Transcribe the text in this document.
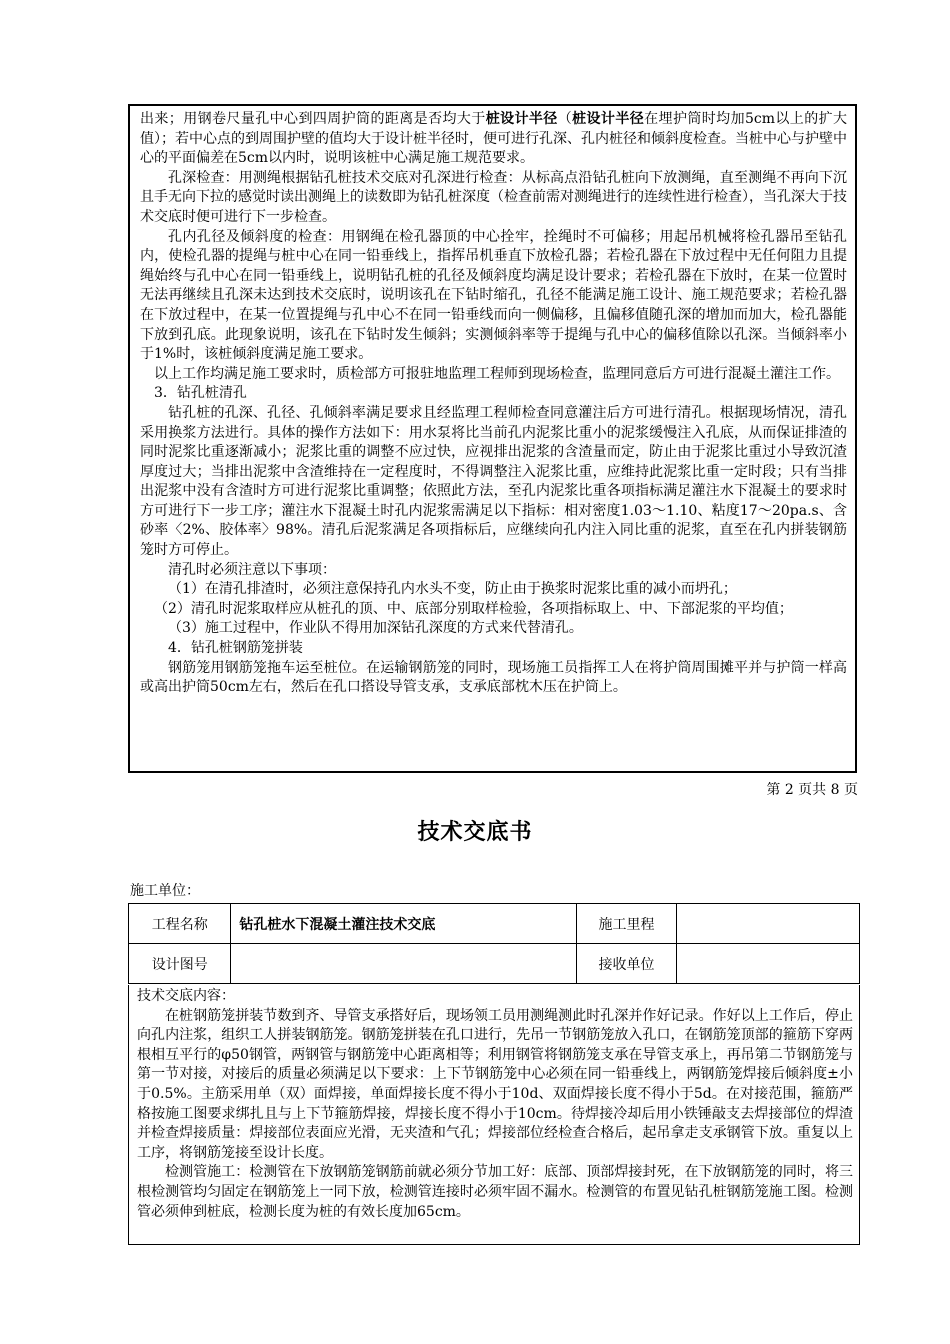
出来；用钢卷尺量孔中心到四周护筒的距离是否均大于桩设计半径（桩设计半径在埋护筒时均加5cm以上的扩大值）；若中心点的到周围护壁的值均大于设计桩半径时，便可进行孔深、孔内桩径和倾斜度检查。当桩中心与护壁中心的平面偏差在5cm以内时，说明该桩中心满足施工规范要求。

孔深检查：用测绳根据钻孔桩技术交底对孔深进行检查：从标高点沿钻孔桩向下放测绳，直至测绳不再向下沉且手无向下拉的感觉时读出测绳上的读数即为钻孔桩深度（检查前需对测绳进行的连续性进行检查），当孔深大于技术交底时便可进行下一步检查。

孔内孔径及倾斜度的检查：用钢绳在检孔器顶的中心拴牢，拴绳时不可偏移；用起吊机械将检孔器吊至钻孔内，使检孔器的提绳与桩中心在同一铅垂线上，指挥吊机垂直下放检孔器；若检孔器在下放过程中无任何阻力且提绳始终与孔中心在同一铅垂线上，说明钻孔桩的孔径及倾斜度均满足设计要求；若检孔器在下放时，在某一位置时无法再继续且孔深未达到技术交底时，说明该孔在下钻时缩孔，孔径不能满足施工设计、施工规范要求；若检孔器在下放过程中，在某一位置提绳与孔中心不在同一铅垂线而向一侧偏移，且偏移值随孔深的增加而加大，检孔器能下放到孔底。此现象说明，该孔在下钻时发生倾斜；实测倾斜率等于提绳与孔中心的偏移值除以孔深。当倾斜率小于1%时，该桩倾斜度满足施工要求。

以上工作均满足施工要求时，质检部方可报驻地监理工程师到现场检查，监理同意后方可进行混凝土灌注工作。

3．钻孔桩清孔

钻孔桩的孔深、孔径、孔倾斜率满足要求且经监理工程师检查同意灌注后方可进行清孔。根据现场情况，清孔采用换浆方法进行。具体的操作方法如下：用水泵将比当前孔内泥浆比重小的泥浆缓慢注入孔底，从而保证排渣的同时泥浆比重逐渐减小；泥浆比重的调整不应过快，应视排出泥浆的含渣量而定，防止由于泥浆比重过小导致沉渣厚度过大；当排出泥浆中含渣维持在一定程度时，不得调整注入泥浆比重，应维持此泥浆比重一定时段；只有当排出泥浆中没有含渣时方可进行泥浆比重调整；依照此方法，至孔内泥浆比重各项指标满足灌注水下混凝土的要求时方可进行下一步工序；灌注水下混凝土时孔内泥浆需满足以下指标：相对密度1.03～1.10、粘度17～20pa.s、含砂率〈2%、胶体率〉98%。清孔后泥浆满足各项指标后，应继续向孔内注入同比重的泥浆，直至在孔内拼装钢筋笼时方可停止。

清孔时必须注意以下事项：

（1）在清孔排渣时，必须注意保持孔内水头不变，防止由于换浆时泥浆比重的减小而坍孔；

（2）清孔时泥浆取样应从桩孔的顶、中、底部分别取样检验，各项指标取上、中、下部泥浆的平均值；

（3）施工过程中，作业队不得用加深钻孔深度的方式来代替清孔。

4．钻孔桩钢筋笼拼装

钢筋笼用钢筋笼拖车运至桩位。在运输钢筋笼的同时，现场施工员指挥工人在将护筒周围摊平并与护筒一样高或高出护筒50cm左右，然后在孔口搭设导管支承，支承底部枕木压在护筒上。

第 2 页共 8 页
技术交底书
施工单位：
工程名称	钻孔桩水下混凝土灌注技术交底	施工里程	
设计图号		接收单位	

技术交底内容：

在桩钢筋笼拼装节数到齐、导管支承搭好后，现场领工员用测绳测此时孔深并作好记录。作好以上工作后，停止向孔内注浆，组织工人拼装钢筋笼。钢筋笼拼装在孔口进行，先吊一节钢筋笼放入孔口，在钢筋笼顶部的箍筋下穿两根相互平行的φ50钢管，两钢管与钢筋笼中心距离相等；利用钢管将钢筋笼支承在导管支承上，再吊第二节钢筋笼与第一节对接，对接后的质量必须满足以下要求：上下节钢筋笼中心必须在同一铅垂线上，两钢筋笼焊接后倾斜度±小于0.5%。主筋采用单（双）面焊接，单面焊接长度不得小于10d、双面焊接长度不得小于5d。在对接范围，箍筋严格按施工图要求绑扎且与上下节箍筋焊接，焊接长度不得小于10cm。待焊接冷却后用小铁锤敲支去焊接部位的焊渣并检查焊接质量：焊接部位表面应光滑，无夹渣和气孔；焊接部位经检查合格后，起吊拿走支承钢管下放。重复以上工序，将钢筋笼接至设计长度。

检测管施工：检测管在下放钢筋笼钢筋前就必须分节加工好：底部、顶部焊接封死，在下放钢筋笼的同时，将三根检测管均匀固定在钢筋笼上一同下放，检测管连接时必须牢固不漏水。检测管的布置见钻孔桩钢筋笼施工图。检测管必须伸到桩底，检测长度为桩的有效长度加65cm。
